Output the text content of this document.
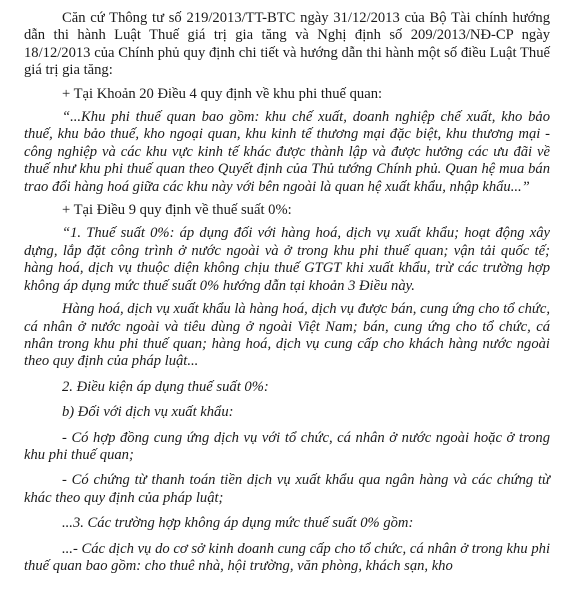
Căn cứ Thông tư số 219/2013/TT-BTC ngày 31/12/2013 của Bộ Tài chính hướng dẫn thi hành Luật Thuế giá trị gia tăng và Nghị định số 209/2013/NĐ-CP ngày 18/12/2013 của Chính phủ quy định chi tiết và hướng dẫn thi hành một số điều Luật Thuế giá trị gia tăng:

+ Tại Khoản 20 Điều 4 quy định về khu phi thuế quan:

“...Khu phi thuế quan bao gồm: khu chế xuất, doanh nghiệp chế xuất, kho bảo thuế, khu bảo thuế, kho ngoại quan, khu kinh tế thương mại đặc biệt, khu thương mại - công nghiệp và các khu vực kinh tế khác được thành lập và được hưởng các ưu đãi về thuế như khu phi thuế quan theo Quyết định của Thủ tướng Chính phủ. Quan hệ mua bán trao đổi hàng hoá giữa các khu này với bên ngoài là quan hệ xuất khẩu, nhập khẩu...”

+ Tại Điều 9 quy định về thuế suất 0%:

“1. Thuế suất 0%: áp dụng đối với hàng hoá, dịch vụ xuất khẩu; hoạt động xây dựng, lắp đặt công trình ở nước ngoài và ở trong khu phi thuế quan; vận tải quốc tế; hàng hoá, dịch vụ thuộc diện không chịu thuế GTGT khi xuất khẩu, trừ các trường hợp không áp dụng mức thuế suất 0% hướng dẫn tại khoản 3 Điều này.

Hàng hoá, dịch vụ xuất khẩu là hàng hoá, dịch vụ được bán, cung ứng cho tổ chức, cá nhân ở nước ngoài và tiêu dùng ở ngoài Việt Nam; bán, cung ứng cho tổ chức, cá nhân trong khu phi thuế quan; hàng hoá, dịch vụ cung cấp cho khách hàng nước ngoài theo quy định của pháp luật...

2. Điều kiện áp dụng thuế suất 0%:

b) Đối với dịch vụ xuất khẩu:

- Có hợp đồng cung ứng dịch vụ với tổ chức, cá nhân ở nước ngoài hoặc ở trong khu phi thuế quan;

- Có chứng từ thanh toán tiền dịch vụ xuất khẩu qua ngân hàng và các chứng từ khác theo quy định của pháp luật;

...3. Các trường hợp không áp dụng mức thuế suất 0% gồm:

...- Các dịch vụ do cơ sở kinh doanh cung cấp cho tổ chức, cá nhân ở trong khu phi thuế quan bao gồm: cho thuê nhà, hội trường, văn phòng, khách sạn, kho
